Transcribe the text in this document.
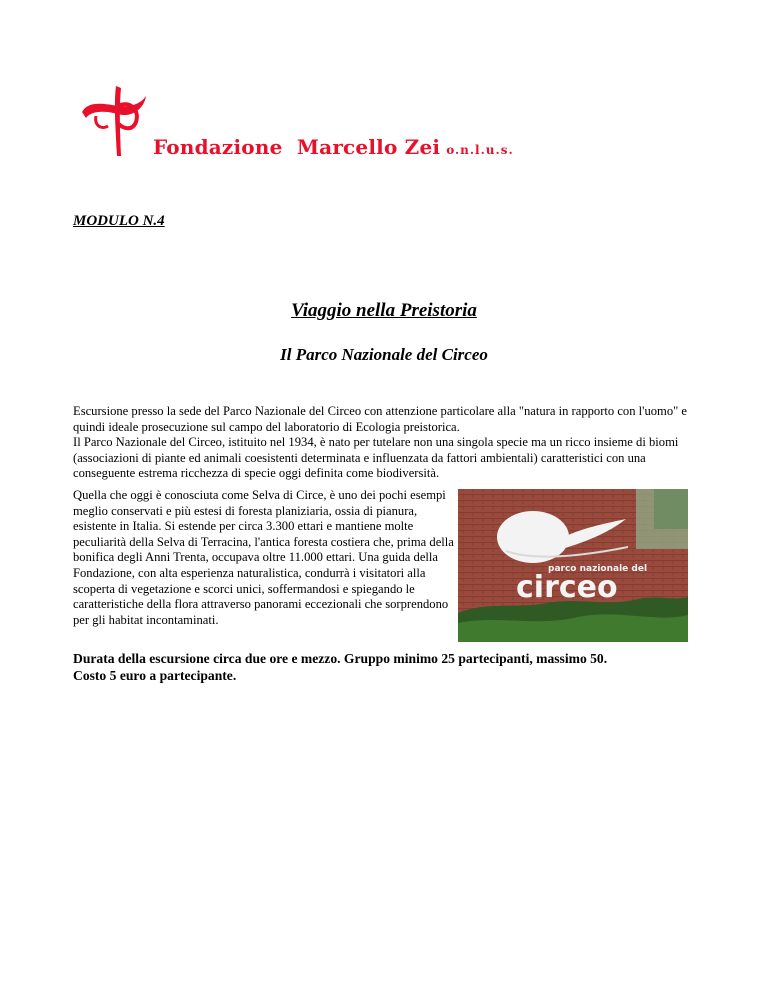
Fondazione  Marcello Zei o.n.l.u.s.
MODULO N.4
Viaggio nella Preistoria
Il Parco Nazionale del Circeo

Escursione presso la sede del Parco Nazionale del Circeo con attenzione particolare alla "natura in rapporto con l'uomo" e quindi ideale prosecuzione sul campo del laboratorio di Ecologia preistorica.

Il Parco Nazionale del Circeo, istituito nel 1934, è nato per tutelare non una singola specie ma un ricco insieme di biomi (associazioni di piante ed animali coesistenti determinata e influenzata da fattori ambientali) caratteristici con una conseguente estrema ricchezza di specie oggi definita come biodiversità.

Quella che oggi è conosciuta come Selva di Circe, è uno dei pochi esempi meglio conservati e più estesi di foresta planiziaria, ossia di pianura, esistente in Italia. Si estende per circa 3.300 ettari e mantiene molte peculiarità della Selva di Terracina, l'antica foresta costiera che, prima della bonifica degli Anni Trenta, occupava oltre 11.000 ettari. Una guida della Fondazione, con alta esperienza naturalistica, condurrà i visitatori alla scoperta di vegetazione e scorci unici, soffermandosi e spiegando le caratteristiche della flora attraverso panorami eccezionali che sorprendono per gli habitat incontaminati.
parco nazionale del
circeo

Durata della escursione circa due ore e mezzo. Gruppo minimo 25 partecipanti, massimo 50.

Costo 5 euro a partecipante.
